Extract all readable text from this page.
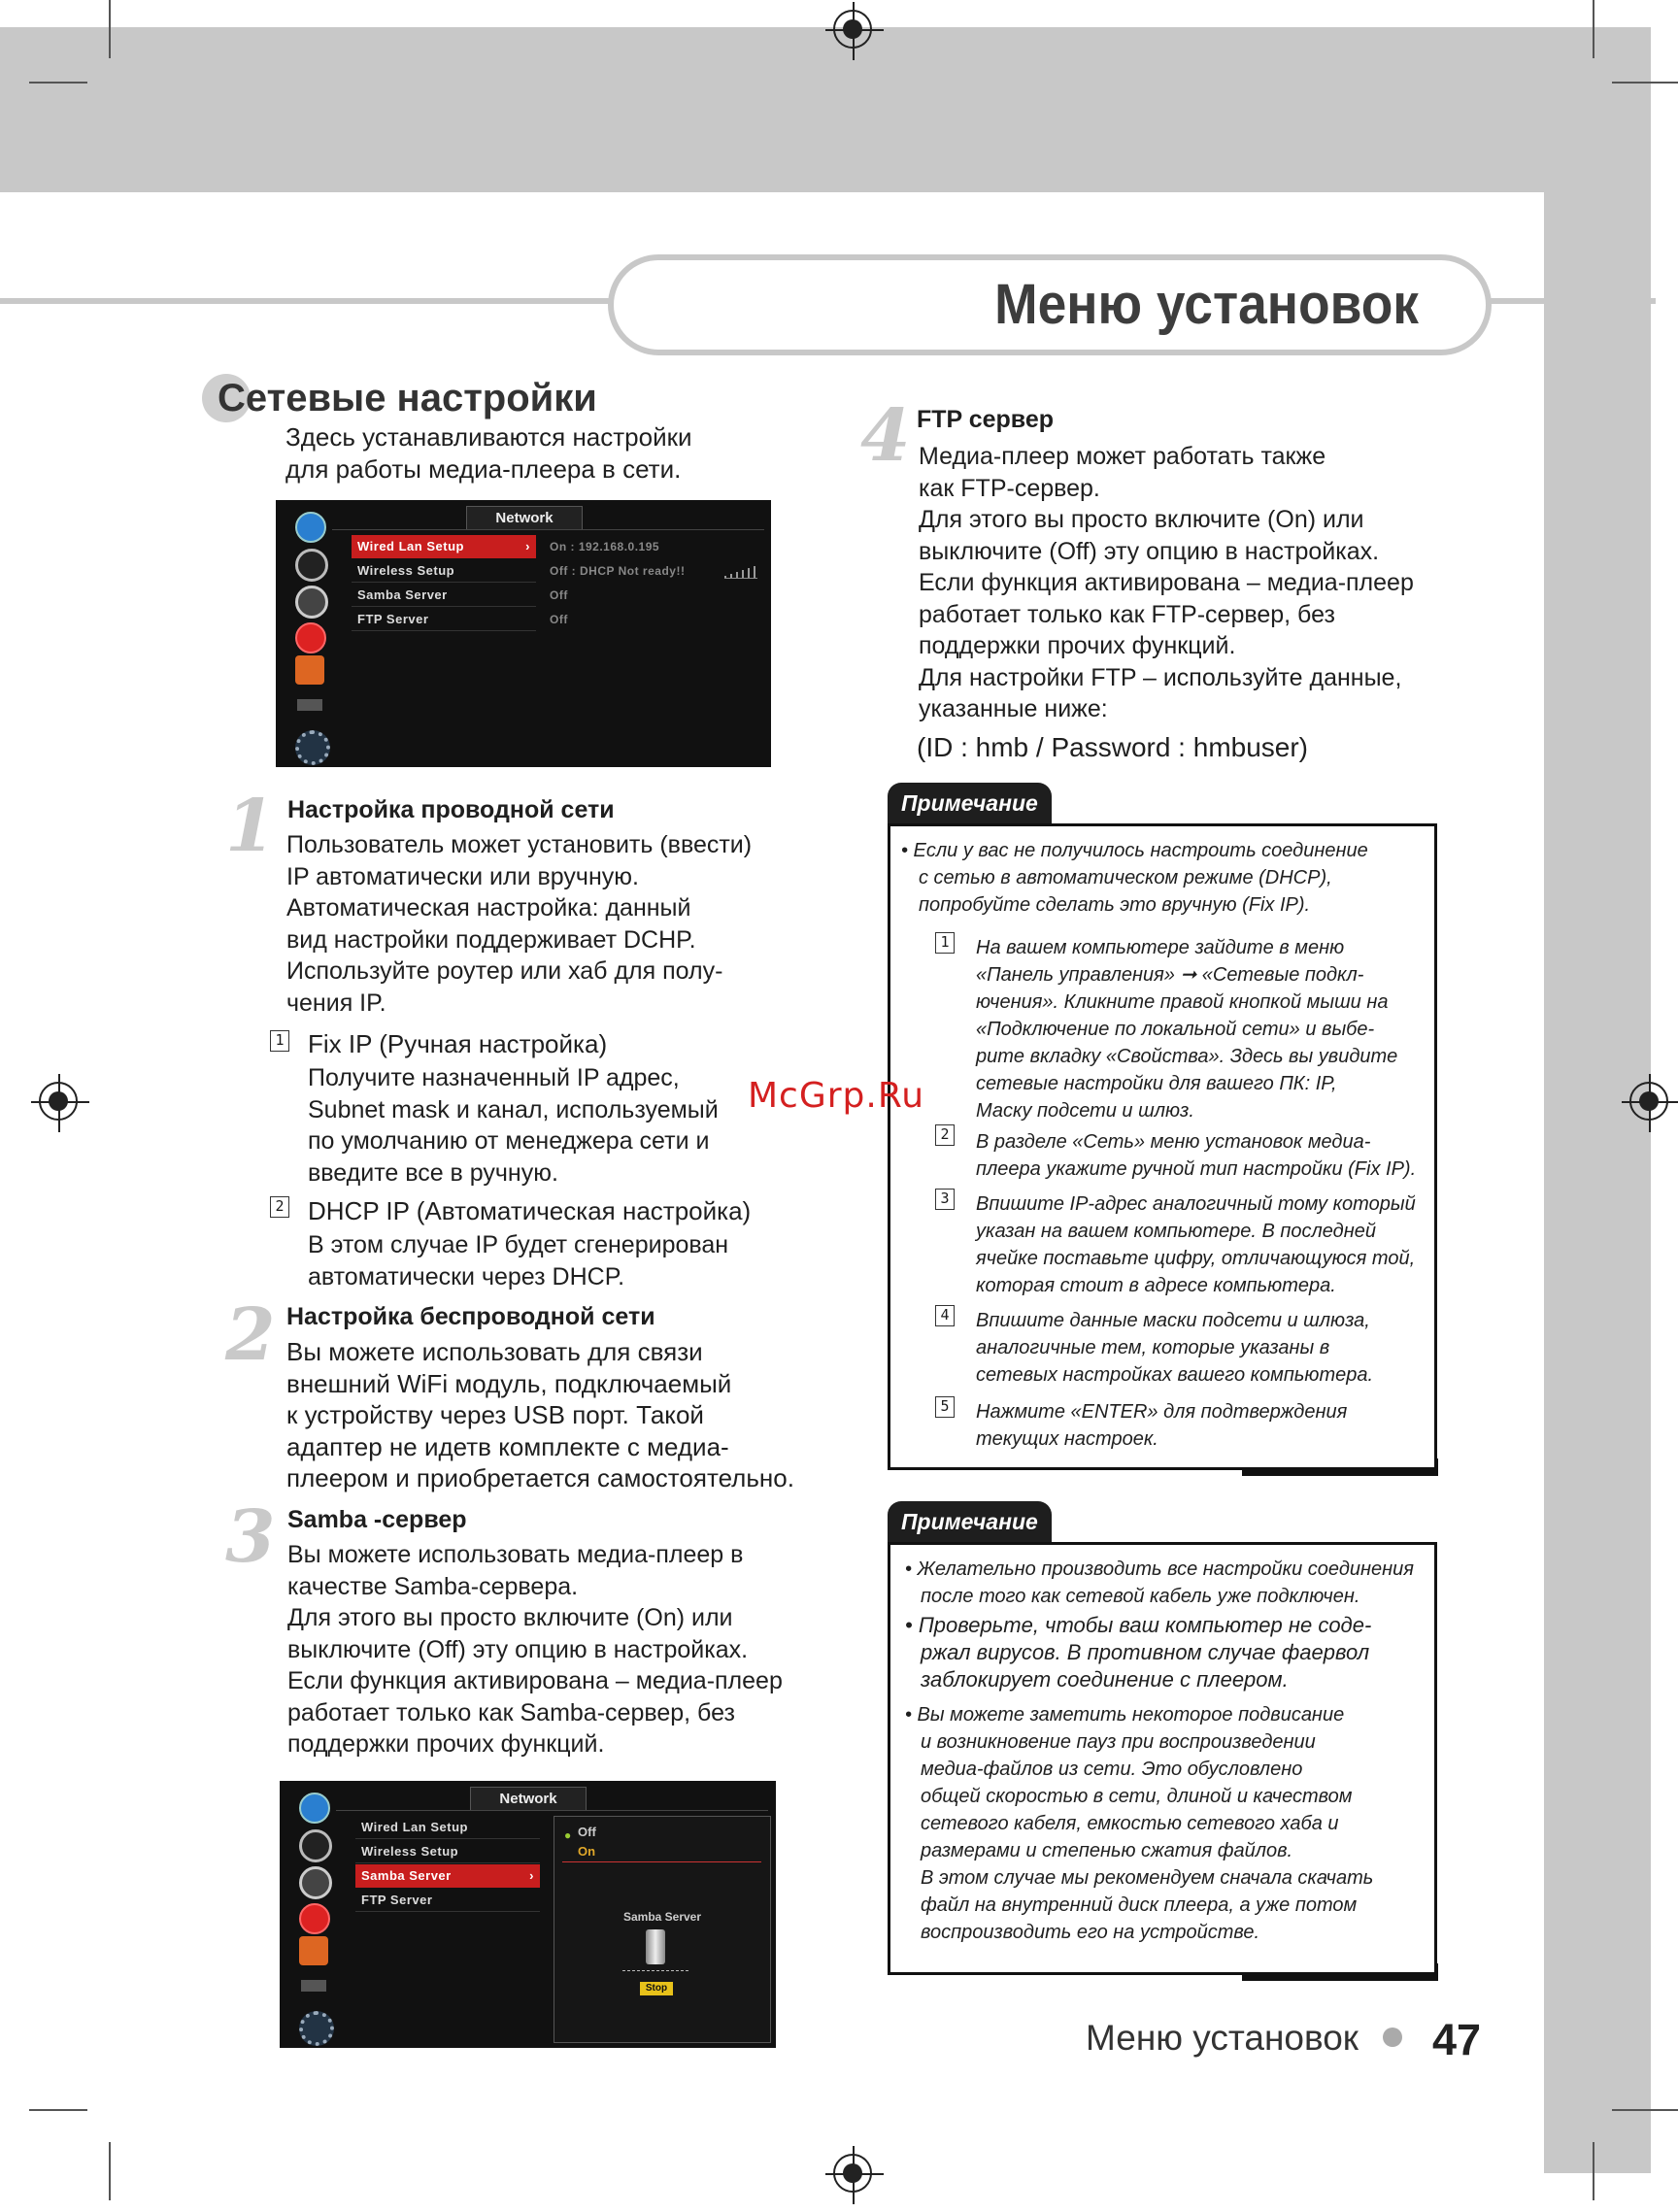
Меню установок
Сетевые настройки
Здесь устанавливаются настройки
для работы медиа-плеера в сети.
Network
Wired Lan Setup	›
Wireless Setup
Samba Server
FTP Server
On : 192.168.0.195
Off : DHCP Not ready!!
Off
Off
1 Настройка проводной сети
Пользователь может установить (ввести)
IP автоматически или вручную.
Автоматическая настройка: данный
вид настройки поддерживает DCHP.
Используйте роутер или хаб для полу-
чения IP.
1 Fix IP (Ручная настройка)
Получите назначенный IP адрес,
Subnet mask и канал, используемый
по умолчанию от менеджера сети и
введите все в ручную.
2 DHCP IP (Автоматическая настройка)
В этом случае IP будет сгенерирован
автоматически через DHCP.
2 Настройка беспроводной сети
Вы можете использовать для связи
внешний WiFi модуль, подключаемый
к устройству через USB порт. Такой
адаптер не идетв комплекте с медиа-
плеером и приобретается самостоятельно.
3 Samba -сервер
Вы можете использовать медиа-плеер в
качестве Samba-сервера.
Для этого вы просто включите (On) или
выключите (Off) эту опцию в настройках.
Если функция активирована – медиа-плеер
работает только как Samba-сервер, без
поддержки прочих функций.
Network
Wired Lan Setup
Wireless Setup
Samba Server	›
FTP Server
● Off
On
Samba Server
Stop
4 FTP сервер
Медиа-плеер может работать также
как FTP-сервер.
Для этого вы просто включите (On) или
выключите (Off) эту опцию в настройках.
Если функция активирована – медиа-плеер
работает только как FTP-сервер, без
поддержки прочих функций.
Для настройки FTP – используйте данные,
указанные ниже:
(ID : hmb / Password : hmbuser)
Примечание
• Если у вас не получилось настроить соединение
с сетью в автоматическом режиме (DHCP),
попробуйте сделать это вручную (Fix IP).
1 На вашем компьютере зайдите в меню
«Панель управления» ➞ «Сетевые подкл-
ючения». Кликните правой кнопкой мыши на
«Подключение по локальной сети» и выбе-
рите вкладку «Свойства». Здесь вы увидите
сетевые настройки для вашего ПК: IP,
Маску подсети и шлюз.
2 В разделе «Сеть» меню установок медиа-
плеера укажите ручной тип настройки (Fix IP).
3 Впишите IP-адрес аналогичный тому который
указан на вашем компьютере. В последней
ячейке поставьте цифру, отличающуюся той,
которая стоит в адресе компьютера.
4 Впишите данные маски подсети и шлюза,
аналогичные тем, которые указаны в
сетевых настройках вашего компьютера.
5 Нажмите «ENTER» для подтверждения
текущих настроек.
McGrp.Ru
Примечание
• Желательно производить все настройки соединения
после того как сетевой кабель уже подключен.
• Проверьте, чтобы ваш компьютер не соде-
ржал вирусов. В противном случае фаервол
заблокирует соединение с плеером.
• Вы можете заметить некоторое подвисание
и возникновение пауз при воспроизведении
медиа-файлов из сети. Это обусловлено
общей скоростью в сети, длиной и качеством
сетевого кабеля, емкостью сетевого хаба и
размерами и степенью сжатия файлов.
В этом случае мы рекомендуем сначала скачать
файл на внутренний диск плеера, а уже потом
воспроизводить его на устройстве.
Меню установок 47
